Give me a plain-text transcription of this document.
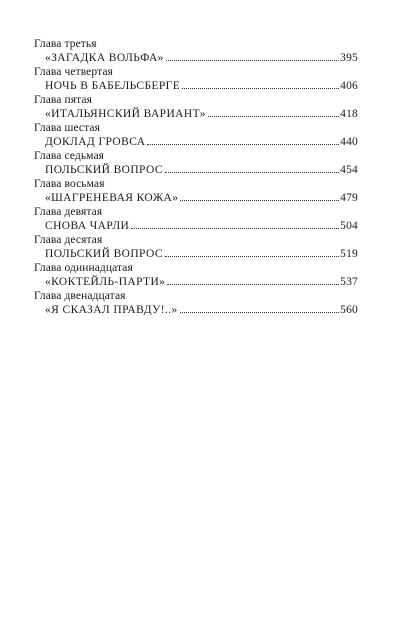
Глава третья
«ЗАГАДКА ВОЛЬФА»	395
Глава четвертая
НОЧЬ В БАБЕЛЬСБЕРГЕ	406
Глава пятая
«ИТАЛЬЯНСКИЙ ВАРИАНТ»	418
Глава шестая
ДОКЛАД ГРОВСА	440
Глава седьмая
ПОЛЬСКИЙ ВОПРОС	454
Глава восьмая
«ШАГРЕНЕВАЯ КОЖА»	479
Глава девятая
СНОВА ЧАРЛИ	504
Глава десятая
ПОЛЬСКИЙ ВОПРОС	519
Глава одиннадцатая
«КОКТЕЙЛЬ-ПАРТИ»	537
Глава двенадцатая
«Я СКАЗАЛ ПРАВДУ!..»	560
